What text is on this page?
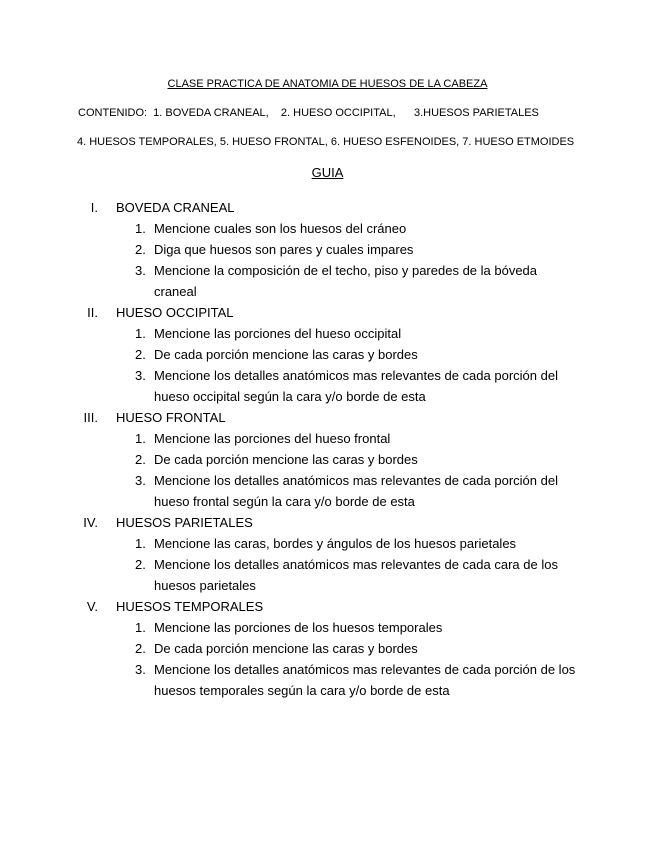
CLASE PRACTICA DE ANATOMIA DE HUESOS DE LA CABEZA
CONTENIDO:  1. BOVEDA CRANEAL,    2. HUESO OCCIPITAL,      3.HUESOS PARIETALES
4. HUESOS TEMPORALES, 5. HUESO FRONTAL, 6. HUESO ESFENOIDES, 7. HUESO ETMOIDES
GUIA
I. BOVEDA CRANEAL
1. Mencione cuales son los huesos del cráneo
2. Diga que huesos son pares y cuales impares
3. Mencione la composición de el techo, piso y paredes de la bóveda craneal
II. HUESO OCCIPITAL
1. Mencione las porciones del hueso occipital
2. De cada porción mencione las caras y bordes
3. Mencione los detalles anatómicos mas relevantes de cada porción del hueso occipital según la cara y/o borde de esta
III. HUESO FRONTAL
1. Mencione las porciones del hueso frontal
2. De cada porción mencione las caras y bordes
3. Mencione los detalles anatómicos mas relevantes de cada porción del hueso frontal según la cara y/o borde de esta
IV. HUESOS PARIETALES
1. Mencione las caras, bordes y ángulos de los huesos parietales
2. Mencione los detalles anatómicos mas relevantes de cada cara de los huesos parietales
V. HUESOS TEMPORALES
1. Mencione las porciones de los huesos temporales
2. De cada porción mencione las caras y bordes
3. Mencione los detalles anatómicos mas relevantes de cada porción de los huesos temporales según la cara y/o borde de esta
